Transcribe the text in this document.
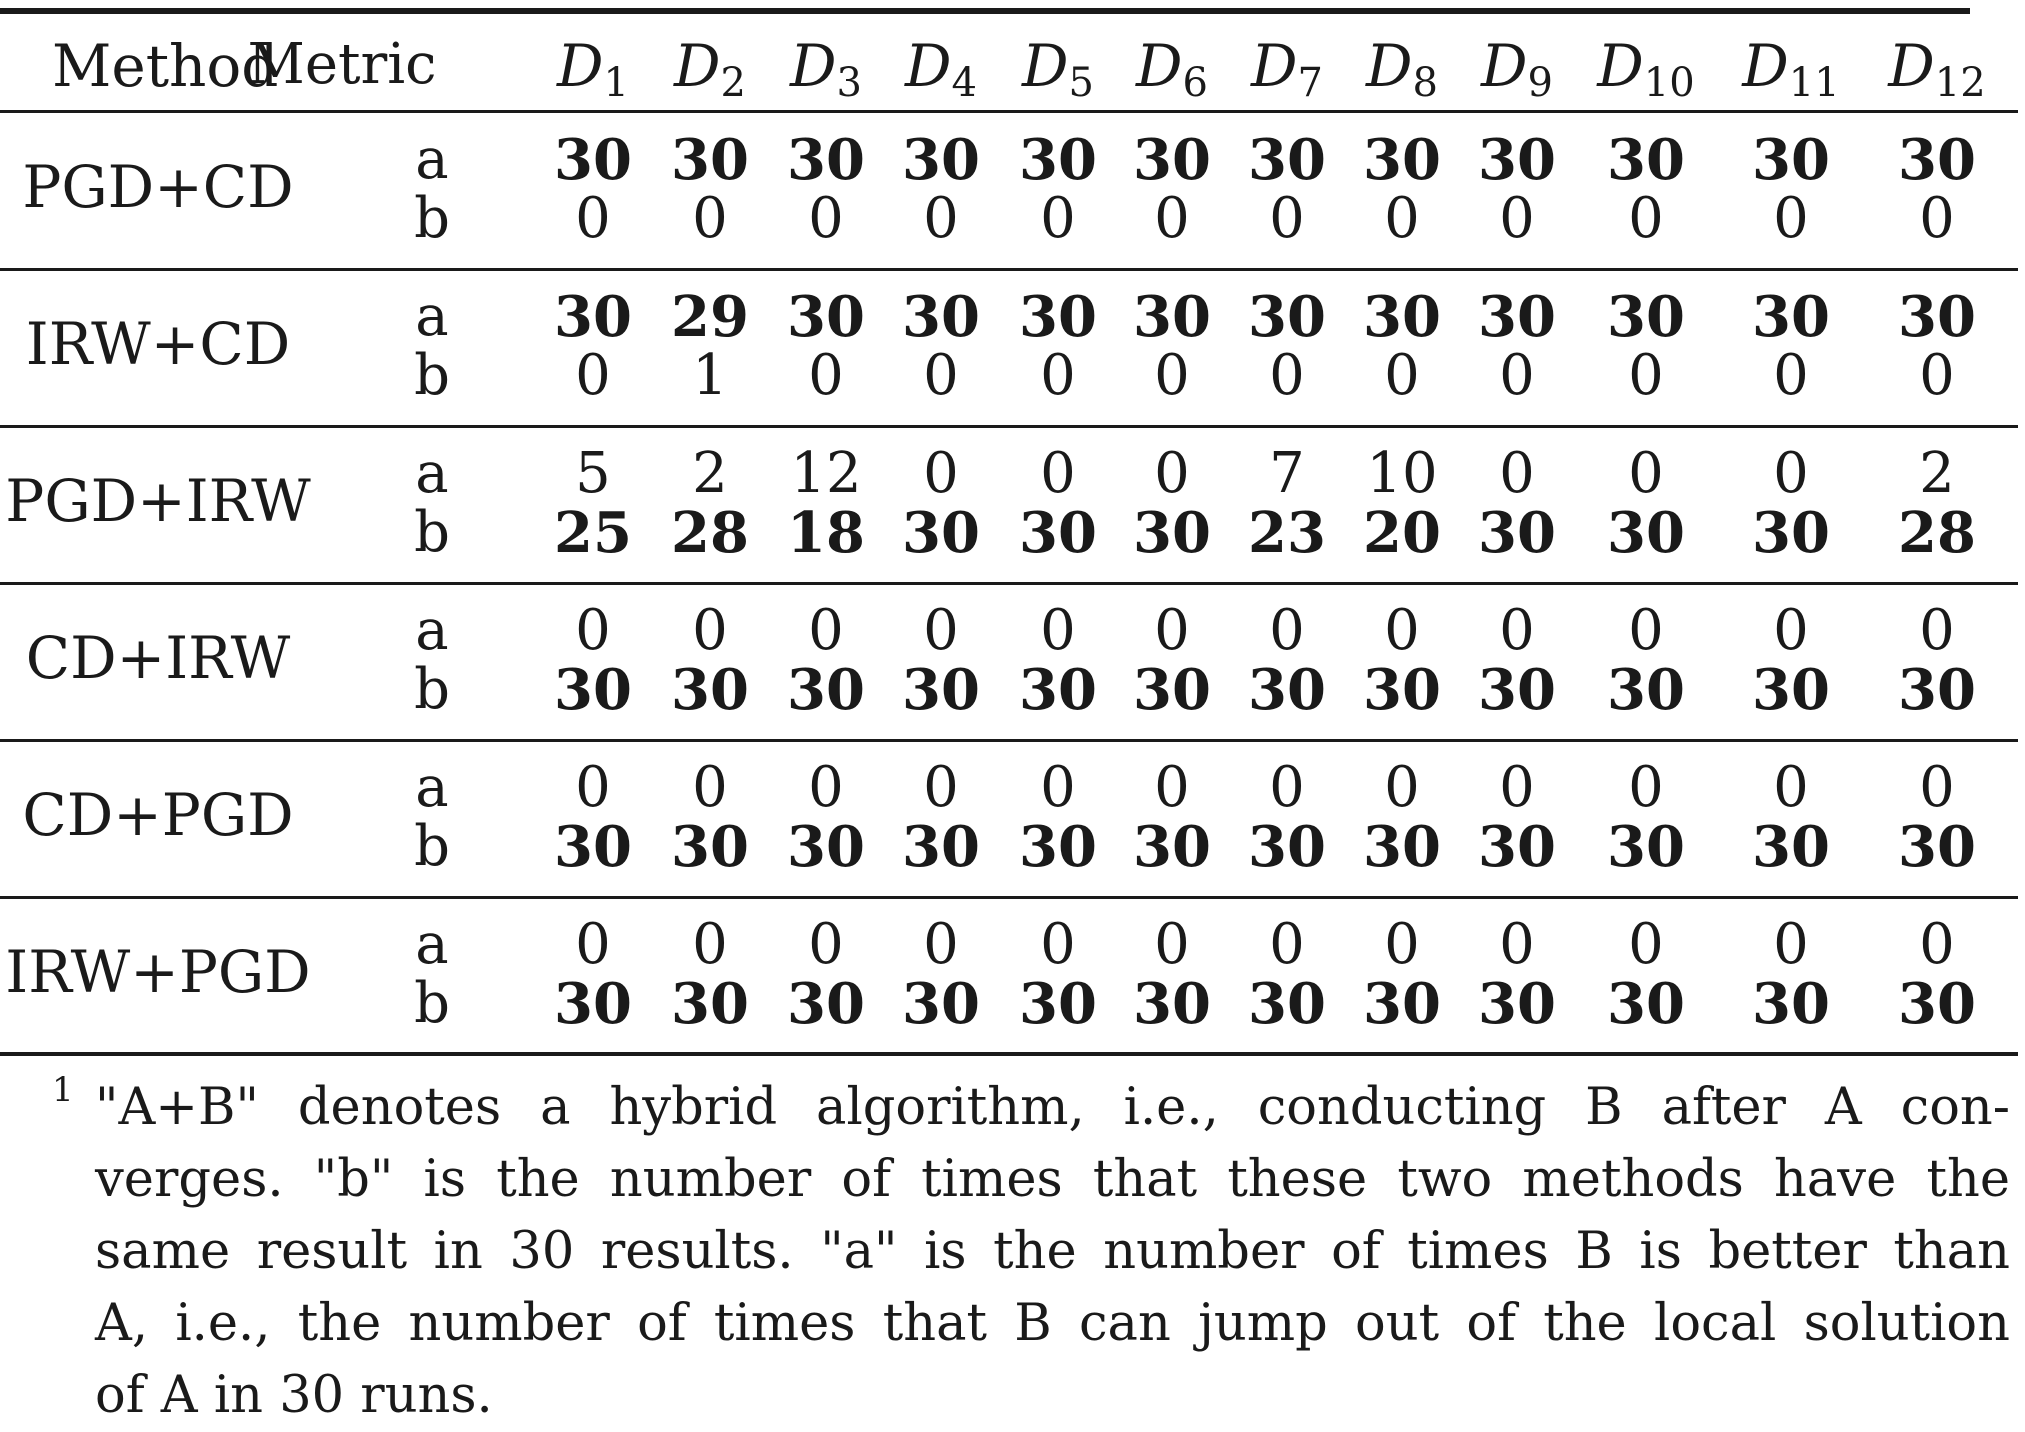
Method
Metric $D_1$ $D_2$ $D_3$ $D_4$ $D_5$ $D_6$ $D_7$ $D_8$ $D_9$ $D_{10}$ $D_{11}$ $D_{12}$
PGD+CD a 30 30 30 30 30 30 30 30 30 30 30 30
b 0 0 0 0 0 0 0 0 0 0 0 0
IRW+CD a 30 29 30 30 30 30 30 30 30 30 30 30
b 0 1 0 0 0 0 0 0 0 0 0 0
PGD+IRW a 5 2 12 0 0 0 7 10 0 0 0 2
b 25 28 18 30 30 30 23 20 30 30 30 28
CD+IRW a 0 0 0 0 0 0 0 0 0 0 0 0
b 30 30 30 30 30 30 30 30 30 30 30 30
CD+PGD a 0 0 0 0 0 0 0 0 0 0 0 0
b 30 30 30 30 30 30 30 30 30 30 30 30
IRW+PGD a 0 0 0 0 0 0 0 0 0 0 0 0
b 30 30 30 30 30 30 30 30 30 30 30 30
1 "A+B" denotes a hybrid algorithm, i.e., conducting B after A con-
verges. "b" is the number of times that these two methods have the
same result in 30 results. "a" is the number of times B is better than
A, i.e., the number of times that B can jump out of the local solution
of A in 30 runs.
